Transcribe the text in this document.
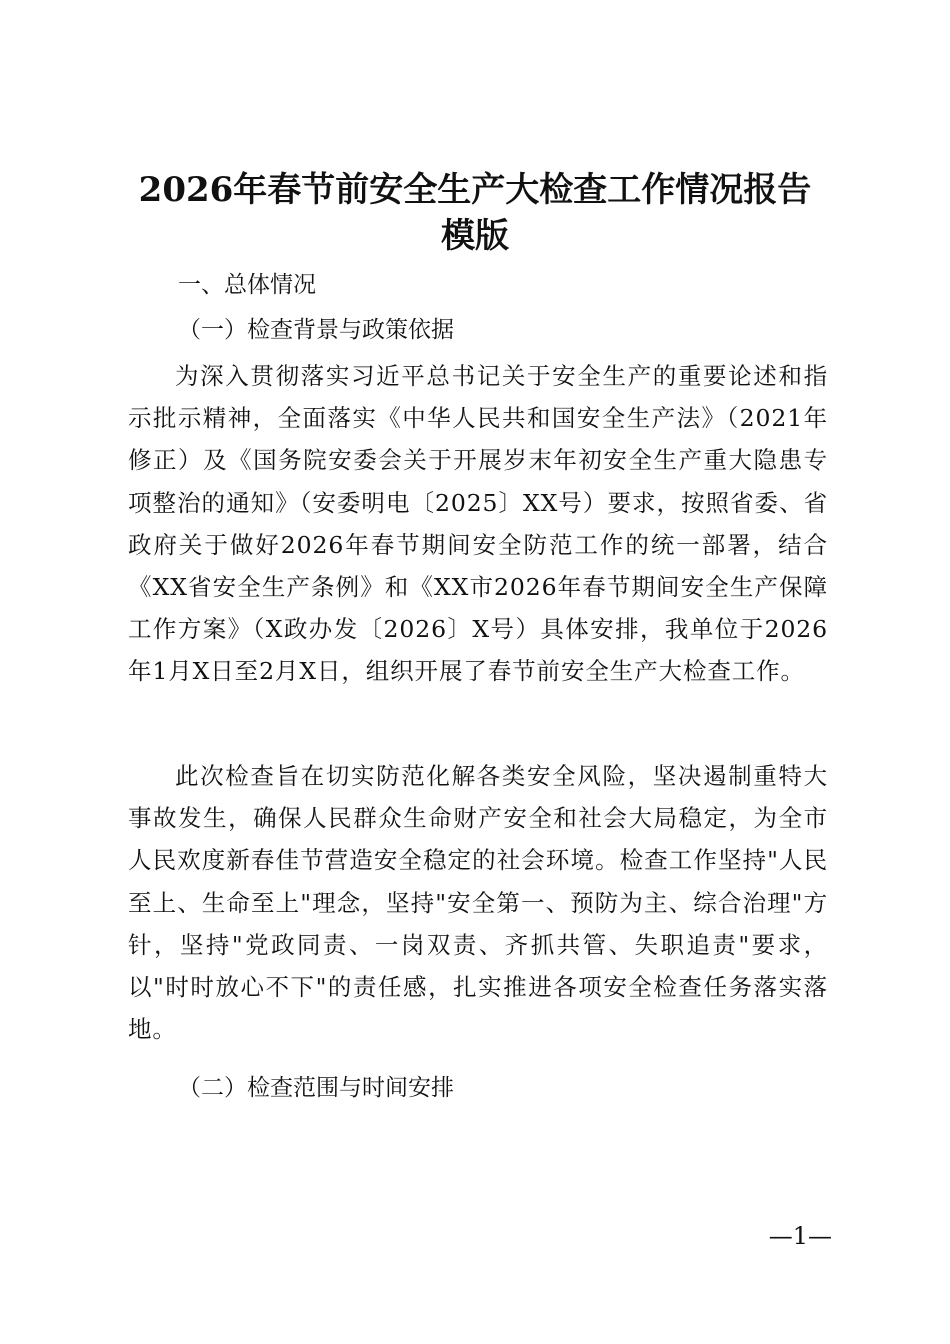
2026年春节前安全生产大检查工作情况报告
模版
一、总体情况
（一）检查背景与政策依据

为深入贯彻落实习近平总书记关于安全生产的重要论述和指示批示精神，全面落实《中华人民共和国安全生产法》（2021年修正）及《国务院安委会关于开展岁末年初安全生产重大隐患专项整治的通知》（安委明电〔2025〕XX号）要求，按照省委、省政府关于做好2026年春节期间安全防范工作的统一部署，结合《XX省安全生产条例》和《XX市2026年春节期间安全生产保障工作方案》（X政办发〔2026〕X号）具体安排，我单位于2026年1月X日至2月X日，组织开展了春节前安全生产大检查工作。

此次检查旨在切实防范化解各类安全风险，坚决遏制重特大事故发生，确保人民群众生命财产安全和社会大局稳定，为全市人民欢度新春佳节营造安全稳定的社会环境。检查工作坚持"人民至上、生命至上"理念，坚持"安全第一、预防为主、综合治理"方针，坚持"党政同责、一岗双责、齐抓共管、失职追责"要求，以"时时放心不下"的责任感，扎实推进各项安全检查任务落实落地。

（二）检查范围与时间安排
—1—
